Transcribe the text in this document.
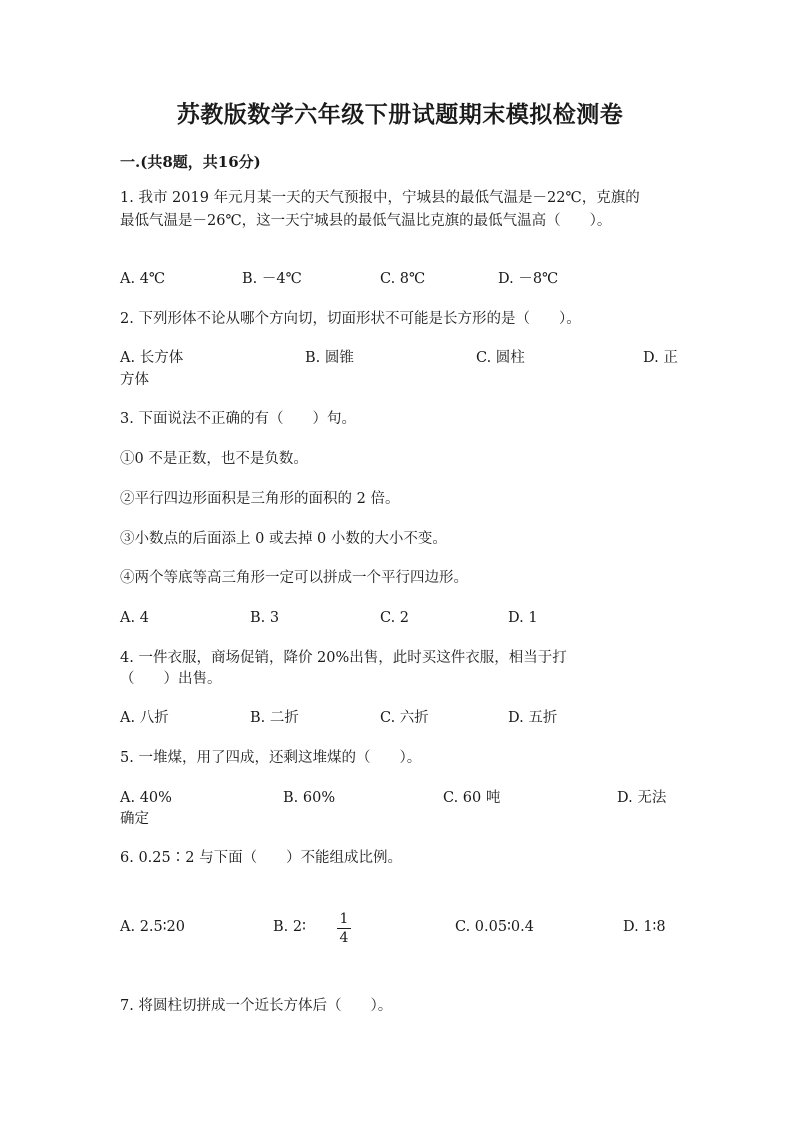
苏教版数学六年级下册试题期末模拟检测卷
一.(共8题，共16分)
1. 我市 2019 年元月某一天的天气预报中，宁城县的最低气温是－22℃，克旗的
最低气温是－26℃，这一天宁城县的最低气温比克旗的最低气温高（　　）。
A. 4℃	B. －4℃	C. 8℃	D. －8℃
2. 下列形体不论从哪个方向切，切面形状不可能是长方形的是（　　）。
A. 长方体	B. 圆锥	C. 圆柱	D. 正
方体
3. 下面说法不正确的有（　　）句。
①0 不是正数，也不是负数。
②平行四边形面积是三角形的面积的 2 倍。
③小数点的后面添上 0 或去掉 0 小数的大小不变。
④两个等底等高三角形一定可以拼成一个平行四边形。
A. 4	B. 3	C. 2	D. 1
4. 一件衣服，商场促销，降价 20%出售，此时买这件衣服，相当于打
（　　）出售。
A. 八折	B. 二折	C. 六折	D. 五折
5. 一堆煤，用了四成，还剩这堆煤的（　　）。
A. 40%	B. 60%	C. 60 吨	D. 无法
确定
6. 0.25∶2 与下面（　　）不能组成比例。
A. 2.5∶20	B. 2∶ 1
4
C. 0.05∶0.4	D. 1∶8
7. 将圆柱切拼成一个近长方体后（　　）。
